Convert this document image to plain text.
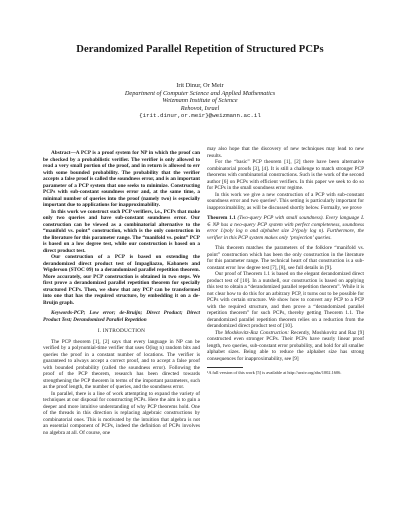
Derandomized Parallel Repetition of Structured PCPs
Irit Dinur, Or Meir
Department of Computer Science and Applied Mathematics
Weizmann Institute of Science
Rehovot, Israel
{irit.dinur,or.meir}@weizmann.ac.il

Abstract—A PCP is a proof system for NP in which the proof can be checked by a probabilistic verifier. The verifier is only allowed to read a very small portion of the proof, and in return is allowed to err with some bounded probability. The probability that the verifier accepts a false proof is called the soundness error, and is an important parameter of a PCP system that one seeks to minimize. Constructing PCPs with sub-constant soundness error and, at the same time, a minimal number of queries into the proof (namely two) is especially important due to applications for inapproximability.

In this work we construct such PCP verifiers, i.e., PCPs that make only two queries and have sub-constant soundness error. Our construction can be viewed as a combinatorial alternative to the “manifold vs. point” construction, which is the only construction in the literature for this parameter range. The “manifold vs. point” PCP is based on a low degree test, while our construction is based on a direct product test.

Our construction of a PCP is based on extending the derandomized direct product test of Impagliazzo, Kabanets and Wigderson (STOC 09) to a derandomized parallel repetition theorem. More accurately, our PCP construction is obtained in two steps. We first prove a derandomized parallel repetition theorem for specially structured PCPs. Then, we show that any PCP can be transformed into one that has the required structure, by embedding it on a de-Bruijn graph.

Keywords-PCP; Low error; de-Bruijn; Direct Product; Direct Product Test; Derandomized Parallel Repetition

I. INTRODUCTION

The PCP theorem [1], [2] says that every language in NP can be verified by a polynomial-time verifier that uses O(log n) random bits and queries the proof in a constant number of locations. The verifier is guaranteed to always accept a correct proof, and to accept a false proof with bounded probability (called the soundness error). Following the proof of the PCP theorem, research has been directed towards strengthening the PCP theorem in terms of the important parameters, such as the proof length, the number of queries, and the soundness error.

In parallel, there is a line of work attempting to expand the variety of techniques at our disposal for constructing PCPs. Here the aim is to gain a deeper and more intuitive understanding of why PCP theorems hold. One of the threads in this direction is replacing algebraic constructions by combinatorial ones. This is motivated by the intuition that algebra is not an essential component of PCPs, indeed the definition of PCPs involves no algebra at all. Of course, one

may also hope that the discovery of new techniques may lead to new results.

For the “basic” PCP theorem [1], [2] there have been alternative combinatorial proofs [3], [4]. It is still a challenge to match stronger PCP theorems with combinatorial constructions. Such is the work of the second author [6] on PCPs with efficient verifiers. In this paper we seek to do so for PCPs in the small soundness error regime.

In this work we give a new construction of a PCP with sub-constant soundness error and two queries¹. This setting is particularly important for inapproximability, as will be discussed shortly below. Formally, we prove

Theorem 1.1 (Two-query PCP with small soundness). Every language L ∈ NP has a two-query PCP system with perfect completeness, soundness error 1/poly log n and alphabet size 2^(poly log n). Furthermore, the verifier in this PCP system makes only ‘projection’ queries.

This theorem matches the parameters of the folklore “manifold vs. point” construction which has been the only construction in the literature for this parameter range. The technical heart of that construction is a sub-constant error low degree test [7], [8], see full details in [9].

Our proof of Theorem 1.1 is based on the elegant derandomized direct product test of [10]. In a nutshell, our construction is based on applying this test to obtain a “derandomized parallel repetition theorem”. While it is not clear how to do this for an arbitrary PCP, it turns out to be possible for PCPs with certain structure. We show how to convert any PCP to a PCP with the required structure, and then prove a “derandomized parallel repetition theorem” for such PCPs, thereby getting Theorem 1.1. The derandomized parallel repetition theorem relies on a reduction from the derandomized direct product test of [10].

The Moshkovitz-Raz Construction: Recently, Moshkovitz and Raz [9] constructed even stronger PCPs. Their PCPs have nearly linear proof length, two queries, sub-constant error probability, and hold for all smaller alphabet sizes. Being able to reduce the alphabet size has strong consequences for inapproximability, see [9]

¹A full version of this work [5] is available at http://arxiv.org/abs/1002.1606.
